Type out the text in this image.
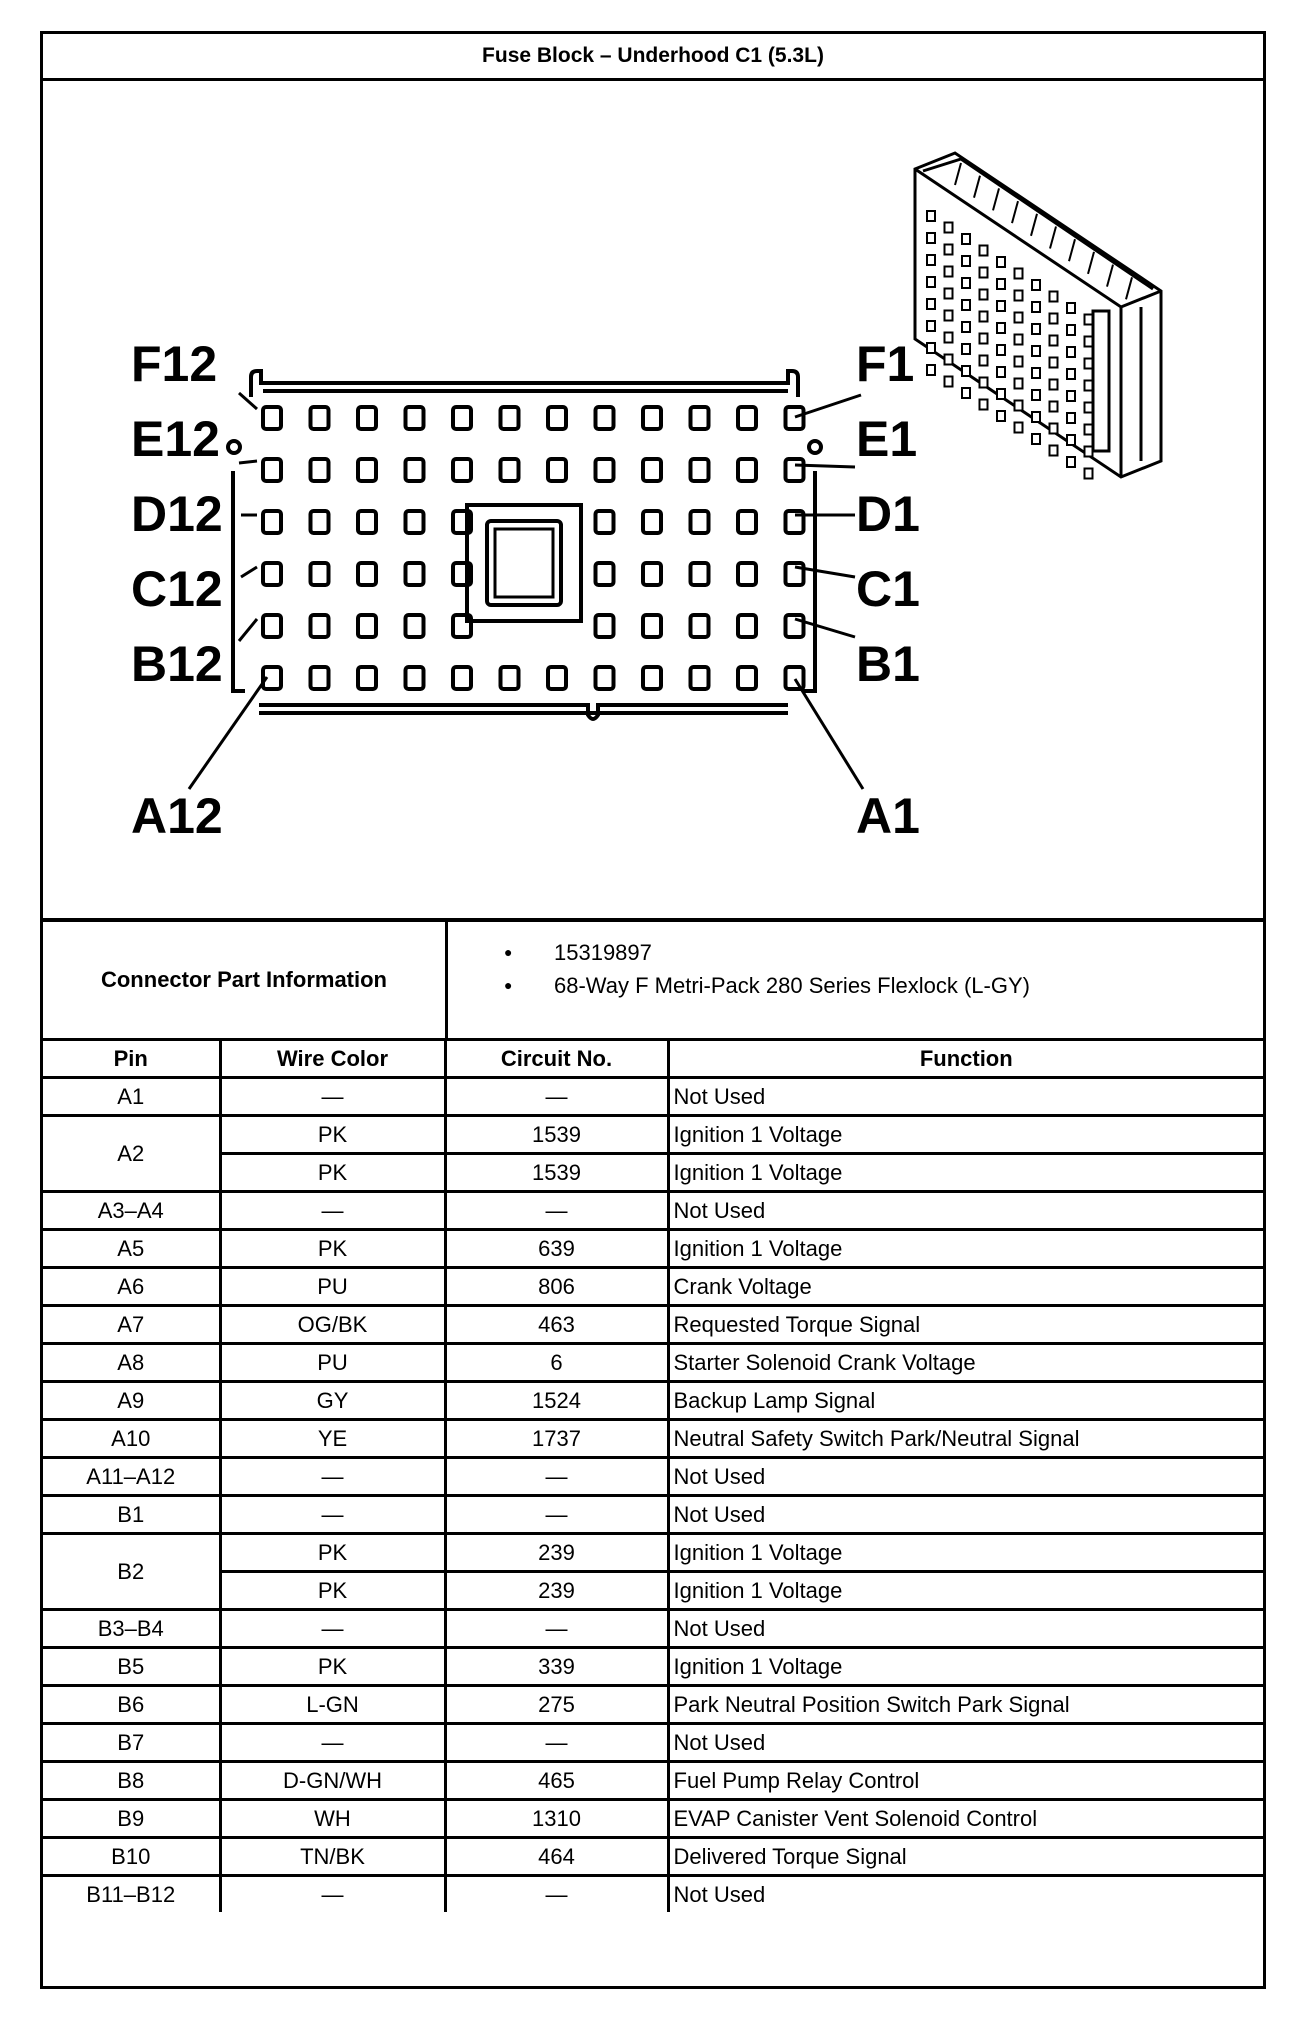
Fuse Block – Underhood C1 (5.3L)
F12
E12
D12
C12
B12
A12
F1
E1
D1
C1
B1
A1
Connector Part Information
● 15319897
● 68-Way F Metri-Pack 280 Series Flexlock (L-GY)
Pin	Wire Color	Circuit No.	Function
A1	—	—	Not Used
A2	PK	1539	Ignition 1 Voltage
	PK	1539	Ignition 1 Voltage
A3–A4	—	—	Not Used
A5	PK	639	Ignition 1 Voltage
A6	PU	806	Crank Voltage
A7	OG/BK	463	Requested Torque Signal
A8	PU	6	Starter Solenoid Crank Voltage
A9	GY	1524	Backup Lamp Signal
A10	YE	1737	Neutral Safety Switch Park/Neutral Signal
A11–A12	—	—	Not Used
B1	—	—	Not Used
B2	PK	239	Ignition 1 Voltage
	PK	239	Ignition 1 Voltage
B3–B4	—	—	Not Used
B5	PK	339	Ignition 1 Voltage
B6	L-GN	275	Park Neutral Position Switch Park Signal
B7	—	—	Not Used
B8	D-GN/WH	465	Fuel Pump Relay Control
B9	WH	1310	EVAP Canister Vent Solenoid Control
B10	TN/BK	464	Delivered Torque Signal
B11–B12	—	—	Not Used
